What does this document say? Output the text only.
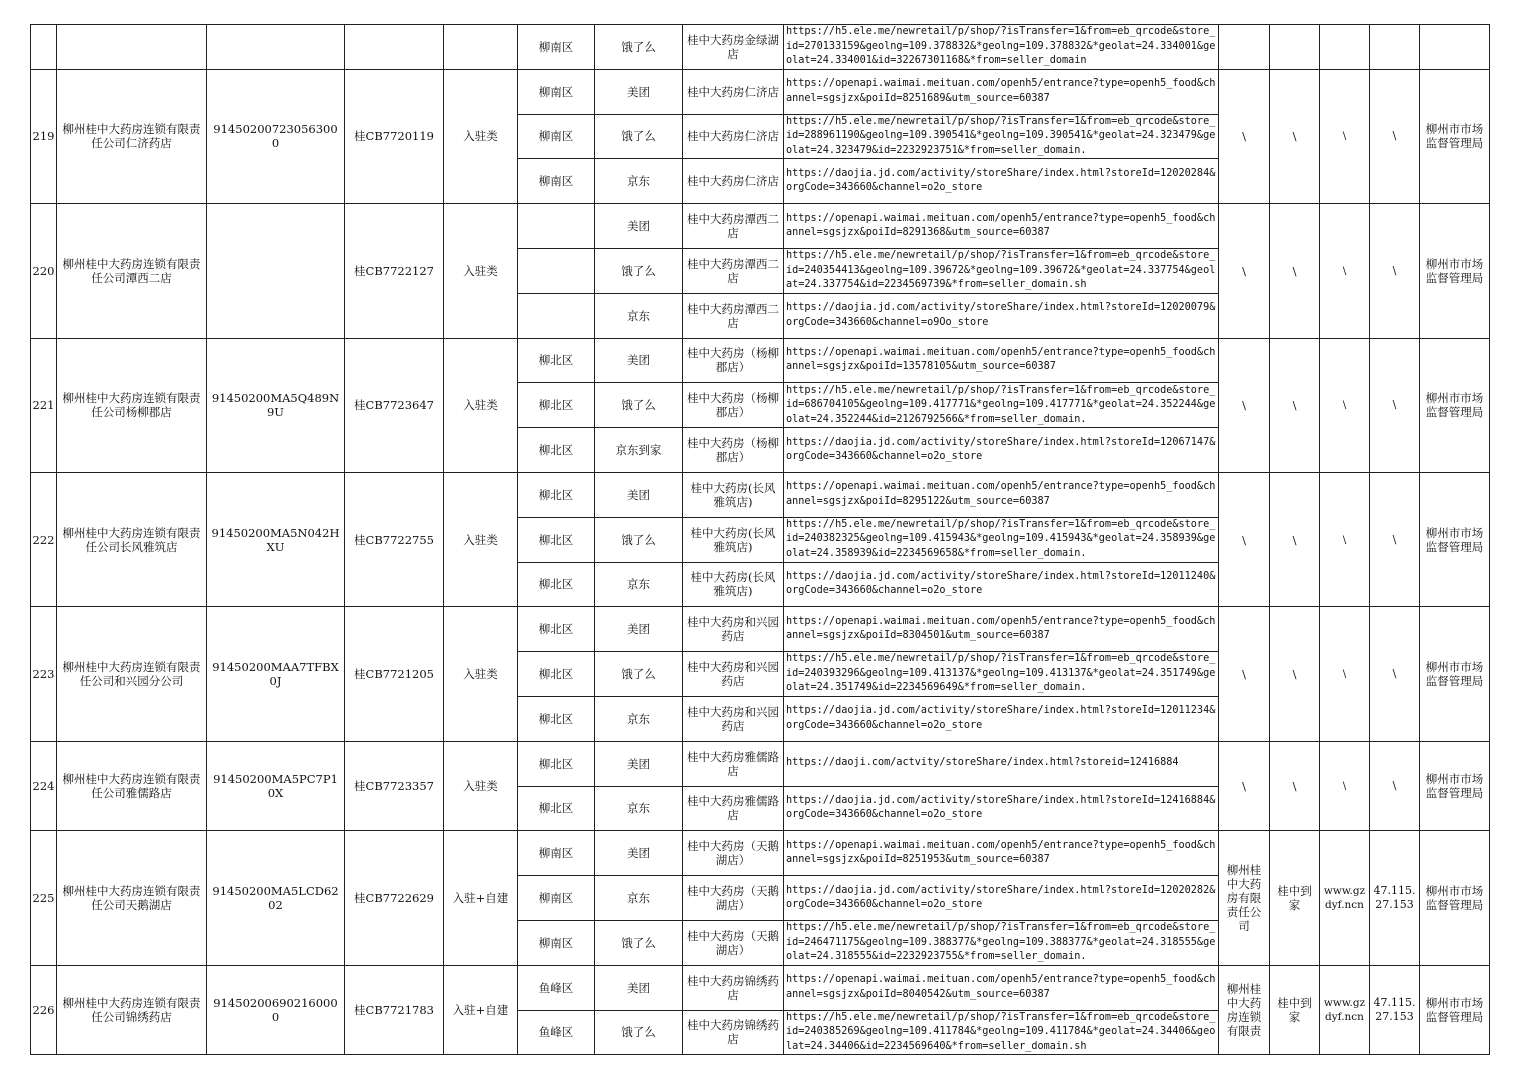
					柳南区	饿了么	桂中大药房金绿湖店	https://h5.ele.me/newretail/p/shop/?isTransfer=1&from=eb_qrcode&store_id=270133159&geolng=109.378832&*geolng=109.378832&*geolat=24.334001&geolat=24.334001&id=32267301168&*from=seller_domain					
219	柳州桂中大药房连锁有限责任公司仁济药店	914502007230563000	桂CB7720119	入驻类	柳南区	美团	桂中大药房仁济店	https://openapi.waimai.meituan.com/openh5/entrance?type=openh5_food&channel=sgsjzx&poiId=8251689&utm_source=60387	\	\	\	\	柳州市市场监督管理局
					柳南区	饿了么	桂中大药房仁济店	https://h5.ele.me/newretail/p/shop/?isTransfer=1&from=eb_qrcode&store_id=288961190&geolng=109.390541&*geolng=109.390541&*geolat=24.323479&geolat=24.323479&id=2232923751&*from=seller_domain.					
					柳南区	京东	桂中大药房仁济店	https://daojia.jd.com/activity/storeShare/index.html?storeId=12020284&orgCode=343660&channel=o2o_store					
220	柳州桂中大药房连锁有限责任公司潭西二店		桂CB7722127	入驻类		美团	桂中大药房潭西二店	https://openapi.waimai.meituan.com/openh5/entrance?type=openh5_food&channel=sgsjzx&poiId=8291368&utm_source=60387	\	\	\	\	柳州市市场监督管理局
						饿了么	桂中大药房潭西二店	https://h5.ele.me/newretail/p/shop/?isTransfer=1&from=eb_qrcode&store_id=240354413&geolng=109.39672&*geolng=109.39672&*geolat=24.337754&geolat=24.337754&id=2234569739&*from=seller_domain.sh					
						京东	桂中大药房潭西二店	https://daojia.jd.com/activity/storeShare/index.html?storeId=12020079&orgCode=343660&channel=o9Oo_store					
221	柳州桂中大药房连锁有限责任公司杨柳郡店	91450200MA5Q489N9U	桂CB7723647	入驻类	柳北区	美团	桂中大药房（杨柳郡店）	https://openapi.waimai.meituan.com/openh5/entrance?type=openh5_food&channel=sgsjzx&poiId=13578105&utm_source=60387	\	\	\	\	柳州市市场监督管理局
					柳北区	饿了么	桂中大药房（杨柳郡店）	https://h5.ele.me/newretail/p/shop/?isTransfer=1&from=eb_qrcode&store_id=686704105&geolng=109.417771&*geolng=109.417771&*geolat=24.352244&geolat=24.352244&id=2126792566&*from=seller_domain.					
					柳北区	京东到家	桂中大药房（杨柳郡店）	https://daojia.jd.com/activity/storeShare/index.html?storeId=12067147&orgCode=343660&channel=o2o_store					
222	柳州桂中大药房连锁有限责任公司长风雅筑店	91450200MA5N042HXU	桂CB7722755	入驻类	柳北区	美团	桂中大药房(长风雅筑店)	https://openapi.waimai.meituan.com/openh5/entrance?type=openh5_food&channel=sgsjzx&poiId=8295122&utm_source=60387	\	\	\	\	柳州市市场监督管理局
					柳北区	饿了么	桂中大药房(长风雅筑店)	https://h5.ele.me/newretail/p/shop/?isTransfer=1&from=eb_qrcode&store_id=240382325&geolng=109.415943&*geolng=109.415943&*geolat=24.358939&geolat=24.358939&id=2234569658&*from=seller_domain.					
					柳北区	京东	桂中大药房(长风雅筑店)	https://daojia.jd.com/activity/storeShare/index.html?storeId=12011240&orgCode=343660&channel=o2o_store					
223	柳州桂中大药房连锁有限责任公司和兴园分公司	91450200MAA7TFBX0J	桂CB7721205	入驻类	柳北区	美团	桂中大药房和兴园药店	https://openapi.waimai.meituan.com/openh5/entrance?type=openh5_food&channel=sgsjzx&poiId=8304501&utm_source=60387	\	\	\	\	柳州市市场监督管理局
					柳北区	饿了么	桂中大药房和兴园药店	https://h5.ele.me/newretail/p/shop/?isTransfer=1&from=eb_qrcode&store_id=240393296&geolng=109.413137&*geolng=109.413137&*geolat=24.351749&geolat=24.351749&id=2234569649&*from=seller_domain.					
					柳北区	京东	桂中大药房和兴园药店	https://daojia.jd.com/activity/storeShare/index.html?storeId=12011234&orgCode=343660&channel=o2o_store					
224	柳州桂中大药房连锁有限责任公司雅儒路店	91450200MA5PC7P10X	桂CB7723357	入驻类	柳北区	美团	桂中大药房雅儒路店	https://daoji.com/actvity/storeShare/index.html?storeid=12416884	\	\	\	\	柳州市市场监督管理局
					柳北区	京东	桂中大药房雅儒路店	https://daojia.jd.com/activity/storeShare/index.html?storeId=12416884&orgCode=343660&channel=o2o_store					
225	柳州桂中大药房连锁有限责任公司天鹅湖店	91450200MA5LCD6202	桂CB7722629	入驻+自建	柳南区	美团	桂中大药房（天鹅湖店）	https://openapi.waimai.meituan.com/openh5/entrance?type=openh5_food&channel=sgsjzx&poiId=8251953&utm_source=60387	柳州桂中大药房有限责任公司	桂中到家	www.gzdyf.ncn	47.115.27.153	柳州市市场监督管理局
					柳南区	京东	桂中大药房（天鹅湖店）	https://daojia.jd.com/activity/storeShare/index.html?storeId=12020282&orgCode=343660&channel=o2o_store					
					柳南区	饿了么	桂中大药房（天鹅湖店）	https://h5.ele.me/newretail/p/shop/?isTransfer=1&from=eb_qrcode&store_id=246471175&geolng=109.388377&*geolng=109.388377&*geolat=24.318555&geolat=24.318555&id=2232923755&*from=seller_domain.					
226	柳州桂中大药房连锁有限责任公司锦绣药店	914502006902160000	桂CB7721783	入驻+自建	鱼峰区	美团	桂中大药房锦绣药店	https://openapi.waimai.meituan.com/openh5/entrance?type=openh5_food&channel=sgsjzx&poiId=8040542&utm_source=60387	柳州桂中大药房连锁有限责	桂中到家	www.gzdyf.ncn	47.115.27.153	柳州市市场监督管理局
					鱼峰区	饿了么	桂中大药房锦绣药店	https://h5.ele.me/newretail/p/shop/?isTransfer=1&from=eb_qrcode&store_id=240385269&geolng=109.411784&*geolng=109.411784&*geolat=24.34406&geolat=24.34406&id=2234569640&*from=seller_domain.sh					
